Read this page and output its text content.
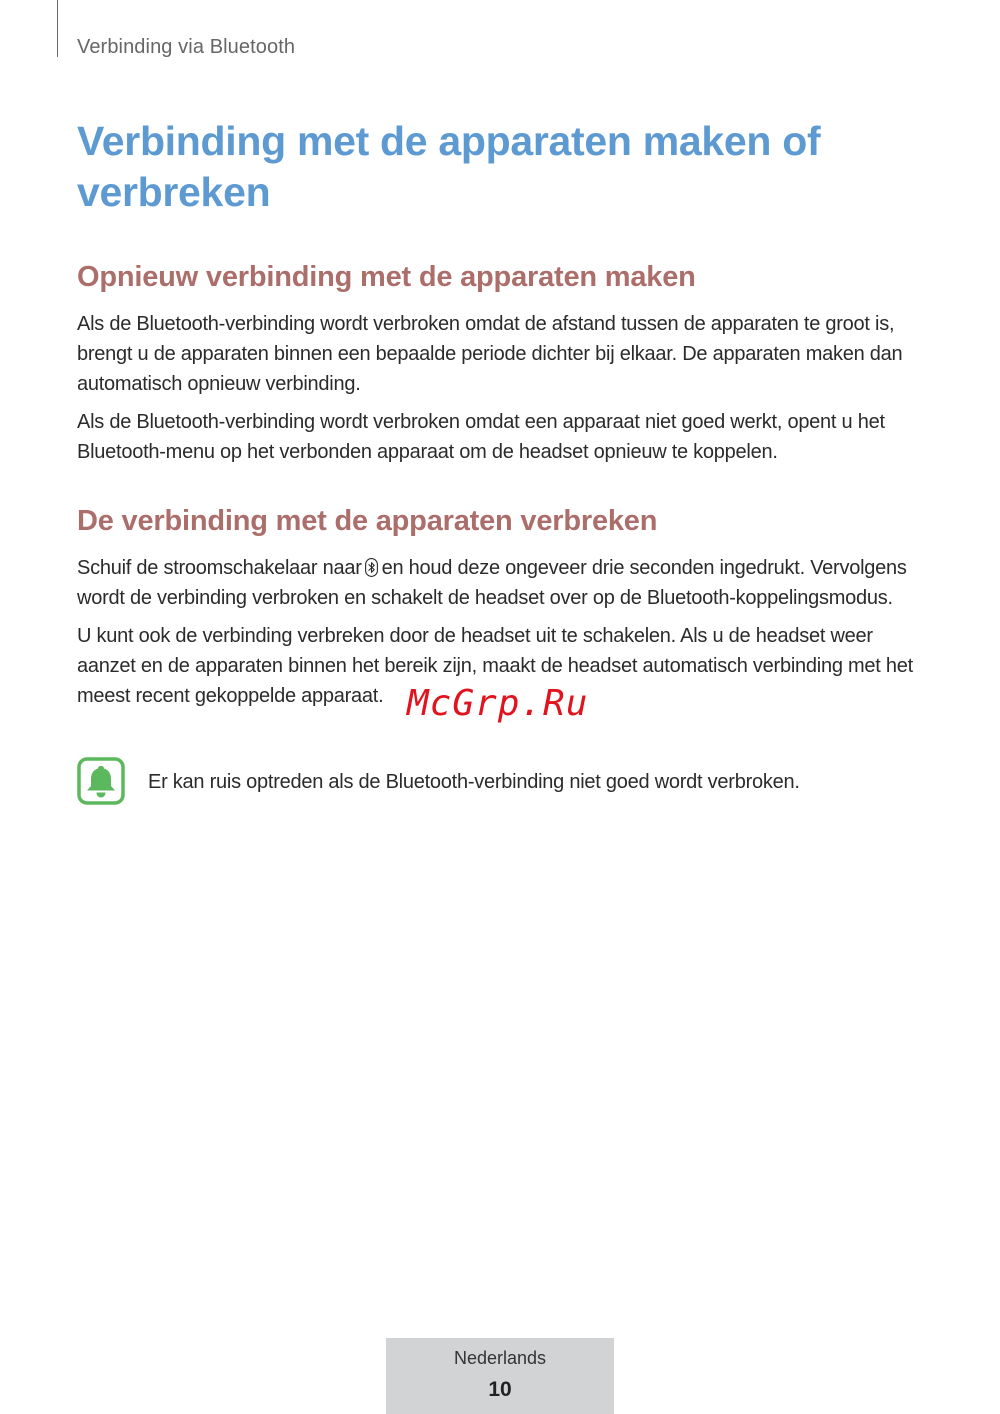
Verbinding via Bluetooth
Verbinding met de apparaten maken of verbreken
Opnieuw verbinding met de apparaten maken

Als de Bluetooth-verbinding wordt verbroken omdat de afstand tussen de apparaten te groot is, brengt u de apparaten binnen een bepaalde periode dichter bij elkaar. De apparaten maken dan automatisch opnieuw verbinding.

Als de Bluetooth-verbinding wordt verbroken omdat een apparaat niet goed werkt, opent u het Bluetooth-menu op het verbonden apparaat om de headset opnieuw te koppelen.

De verbinding met de apparaten verbreken

Schuif de stroomschakelaar naar en houd deze ongeveer drie seconden ingedrukt. Vervolgens wordt de verbinding verbroken en schakelt de headset over op de Bluetooth-koppelingsmodus.

U kunt ook de verbinding verbreken door de headset uit te schakelen. Als u de headset weer aanzet en de apparaten binnen het bereik zijn, maakt de headset automatisch verbinding met het meest recent gekoppelde apparaat.

Er kan ruis optreden als de Bluetooth-verbinding niet goed wordt verbroken.
McGrp.Ru
Nederlands
10
